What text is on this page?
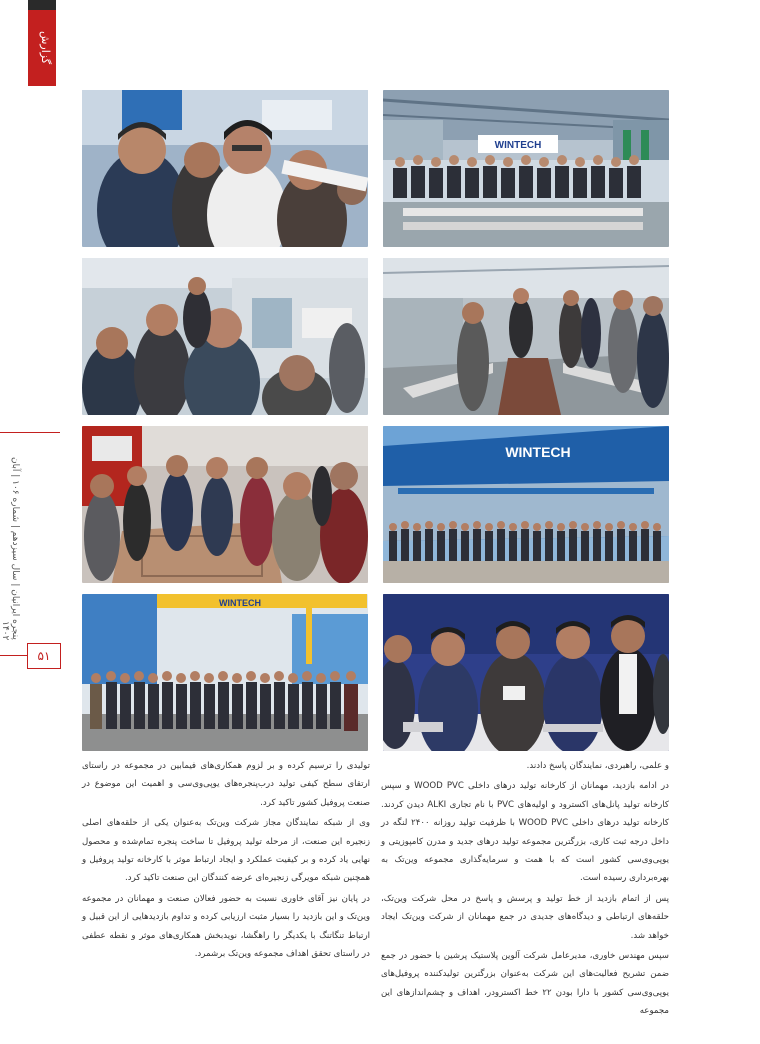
گزارش
پنجره ایرانیان | سال سیزدهم | شماره ۱۰۶ | آبان ۱۴۰۲
۵۱
WINTECH
WINTECH
WINTECH

و علمی، راهبردی، نمایندگان پاسخ دادند.

در ادامه بازدید، مهمانان از کارخانه تولید درهای داخلی WOOD PVC و سپس کارخانه تولید پانل‌های اکسترود و اولیه‌های PVC با نام تجاری ALKI دیدن کردند. کارخانه تولید درهای داخلی WOOD PVC با ظرفیت تولید روزانه ۲۴۰۰ لنگه در داخل درجه ثبت کاری، بزرگترین مجموعه تولید درهای جدید و مدرن کامپوزیتی و یوپی‌وی‌سی کشور است که با همت و سرمایه‌گذاری مجموعه وین‌تک به بهره‌برداری رسیده است.

پس از اتمام بازدید از خط تولید و پرسش و پاسخ در محل شرکت وین‌تک، حلقه‌های ارتباطی و دیدگاه‌های جدیدی در جمع مهمانان از شرکت وین‌تک ایجاد خواهد شد.

سپس مهندس خاوری، مدیرعامل شرکت آلوین پلاستیک پرشین با حضور در جمع ضمن تشریح فعالیت‌های این شرکت به‌عنوان بزرگترین تولیدکننده پروفیل‌های یوپی‌وی‌سی کشور با دارا بودن ۲۲ خط اکسترودر، اهداف و چشم‌اندازهای این مجموعه

تولیدی را ترسیم کرده و بر لزوم همکاری‌های فیمابین در مجموعه در راستای ارتقای سطح کیفی تولید درب‌پنجره‌های یوپی‌وی‌سی و اهمیت این موضوع در صنعت پروفیل کشور تاکید کرد.

وی از شبکه نمایندگان مجاز شرکت وین‌تک به‌عنوان یکی از حلقه‌های اصلی زنجیره این صنعت، از مرحله تولید پروفیل تا ساخت پنجره تمام‌شده و محصول نهایی یاد کرده و بر کیفیت عملکرد و ایجاد ارتباط موثر با کارخانه تولید پروفیل و همچنین شبکه مویرگی زنجیره‌ای عرضه کنندگان این صنعت تاکید کرد.

در پایان نیز آقای خاوری نسبت به حضور فعالان صنعت و مهمانان در مجموعه وین‌تک و این بازدید را بسیار مثبت ارزیابی کرده و تداوم بازدیدهایی از این قبیل و ارتباط تنگاتنگ با یکدیگر را راهگشا، نویدبخش همکاری‌های موثر و نقطه عطفی در راستای تحقق اهداف مجموعه وین‌تک برشمرد.
